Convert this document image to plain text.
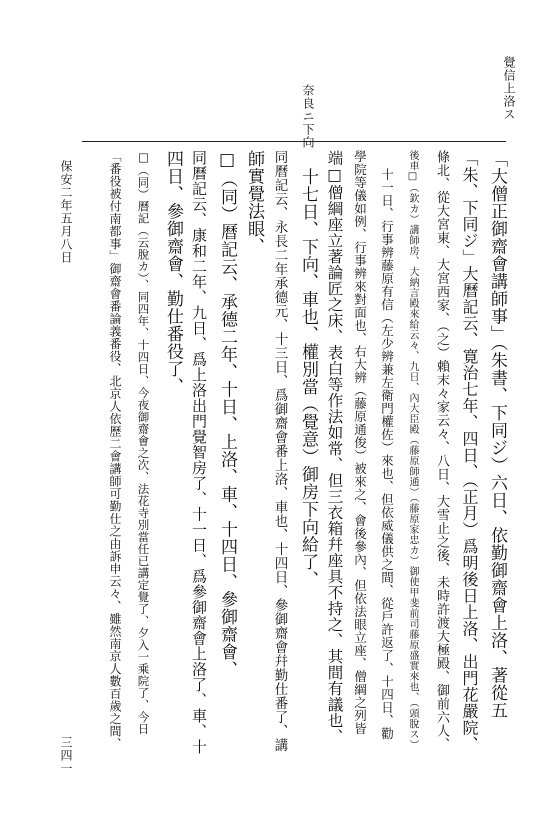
覺信上洛ス
奈良ニ下向
「大僧正御齋會講師事」（朱書、下同ジ）六日、依勤御齋會上洛、著從五
「朱、下同ジ」大曆記云、寛治七年、四日、（正月）爲明後日上洛、出門花嚴院、
條北、從大宮東、大宮西家、（之）賴末々家云々、八日、大雪止之後、未時許渡大極殿、御前六人、
後車□（欽カ）講師房、大納言殿來給云々、九日、內大臣殿（藤原師通）（藤原家忠カ）御使甲斐前司藤原盛實來也、（頭脫ス）
十一日、行事辨藤原有信（左少辨兼左衛門權佐）來也、但依威儀供之間、從戶許返了、十四日、勸
學院等儀如例、行事辨來對面也、右大辨（藤原通俊）被來之、會後參內、但依法眼立座、僧綱之列皆
端□僧綱座立著論匠之床、表白等作法如常、但三衣箱幷座具不持之、其間有議也、
十七日、下向、車也、權別當（覺意）御房下向給了、
同曆記云、永長二年承德元、十三日、爲御齋會番上洛、車也、十四日、參御齋會幷勤仕番了、講
師實覺法眼、
□（同）曆記云、承德二年、十日、上洛、車、十四日、參御齋會、
同曆記云、康和二年、九日、爲上洛出門覺智房了、十一日、爲參御齋會上洛了、車、十
四日、參御齋會、勤仕番役了、
□（同）曆記（云脫カ）、同四年、十四日、今夜御齋會之次、法花寺別當任已講定覺了、夕入一乘院了、今日
「番役被付南都事」御齋會番論義番役、北京人依歷二會講師可勤仕之由訴申云々、雖然南京人數百歲之間、
保安二年五月八日
三四一
